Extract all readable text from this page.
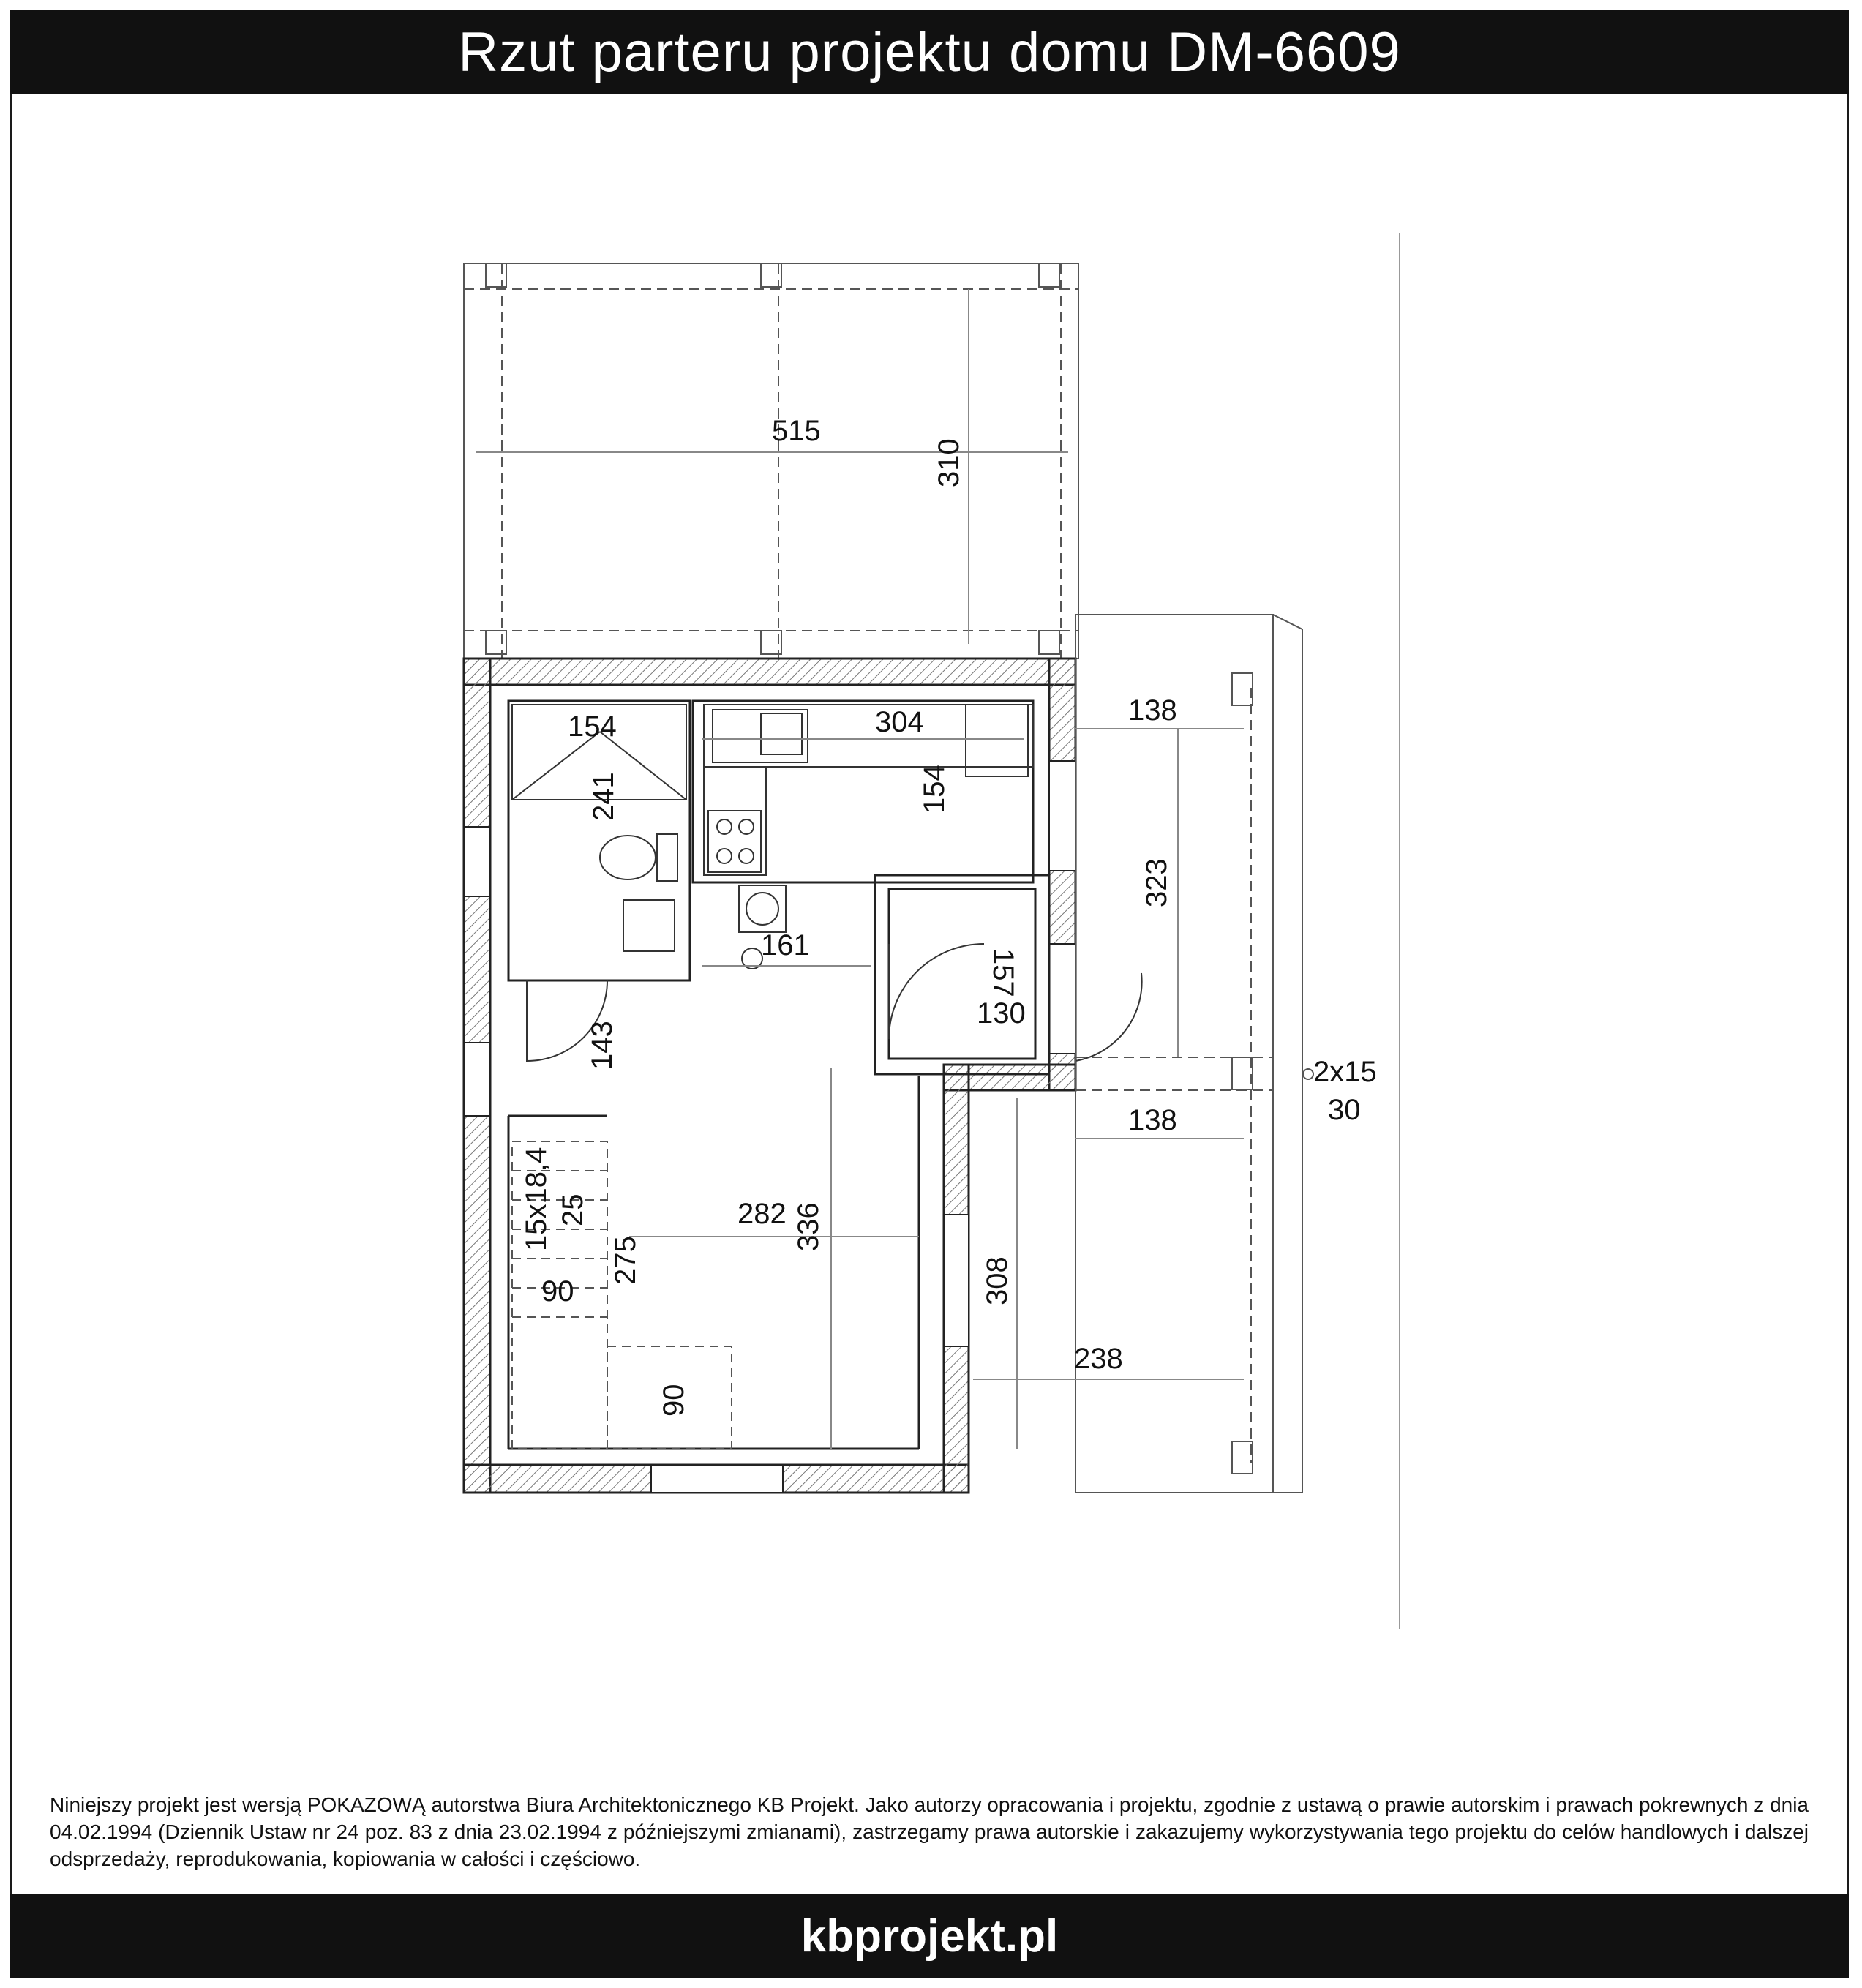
Rzut parteru projektu domu DM-6609
515
310
154
241
304
154
138
323
161
157
130
143
2x15
30
138
15x18,4 25
275
282 336
90
90
308
238
Niniejszy projekt jest wersją POKAZOWĄ autorstwa Biura Architektonicznego KB Projekt. Jako autorzy opracowania i projektu, zgodnie z ustawą o prawie autorskim i prawach pokrewnych z dnia 04.02.1994 (Dziennik Ustaw nr 24 poz. 83 z dnia 23.02.1994 z późniejszymi zmianami), zastrzegamy prawa autorskie i zakazujemy wykorzystywania tego projektu do celów handlowych i dalszej odsprzedaży, reprodukowania, kopiowania w całości i częściowo.
kbprojekt.pl
